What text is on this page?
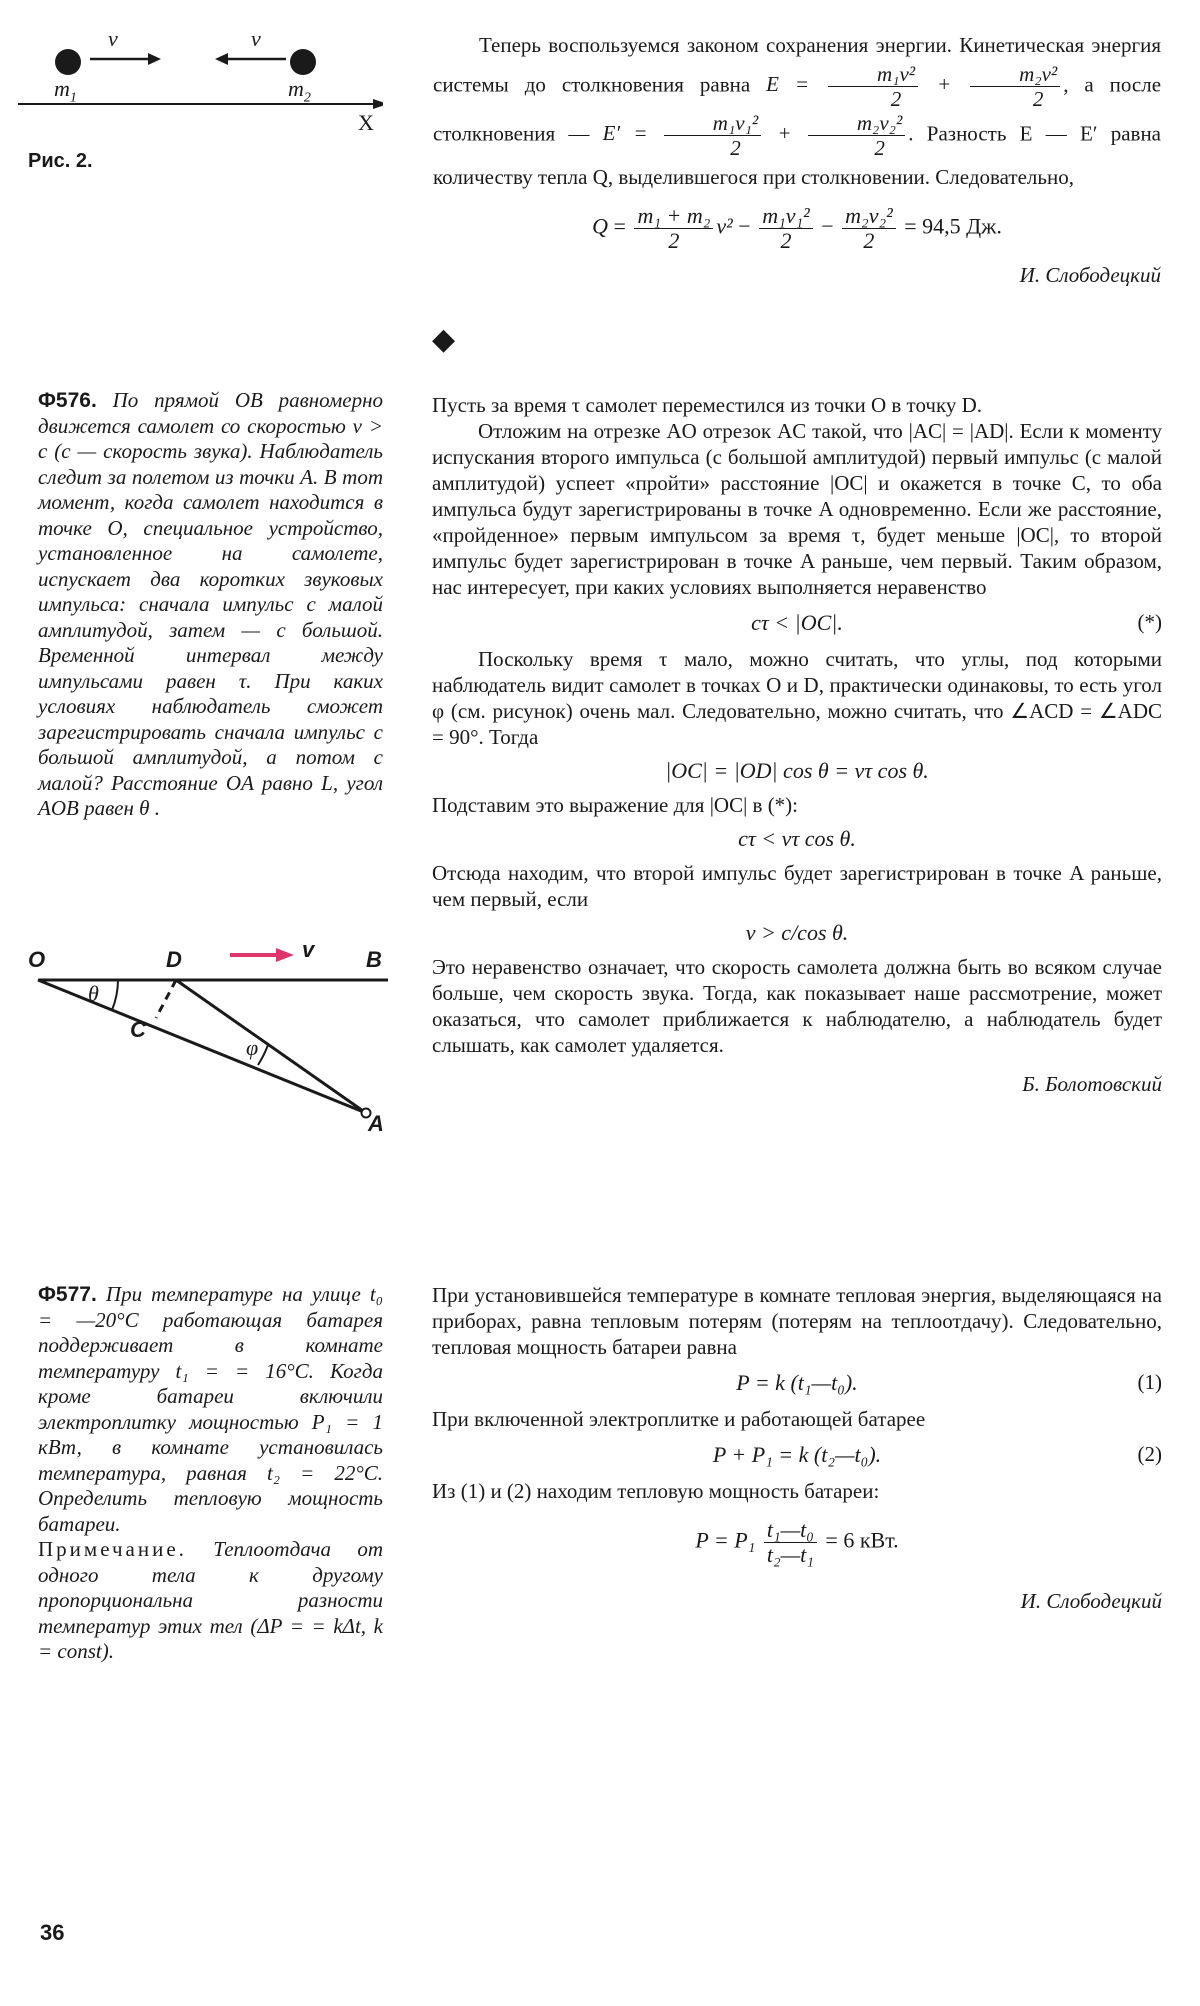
v	v
$m_1$	$m_2$
X
Рис. 2.

Теперь воспользуемся законом сохранения энергии. Кинетическая энергия системы до столкновения равна $E = \frac{\text{m₁v²}}{2} + \frac{\text{m₂v²}}{2}$ , а после столкновения — $E' = \frac{\text{m₁v₁²}}{2} + \frac{\text{m₂v₂²}}{2}$ . Разность E — E′ равна количеству тепла Q, выделившегося при столкновении. Следовательно,

$Q = \frac{\text{m₁ + m₂}}{2} v^2 - \frac{\text{m₁v₁²}}{2} - \frac{\text{m₂v₂²}}{2} = 94,5$ Дж.
И. Слободецкий
◆
Ф576. По прямой OB равномерно движется самолет со скоростью v > c (c — скорость звука). Наблюдатель следит за полетом из точки A. В тот момент, когда самолет находится в точке O, специальное устройство, установленное на самолете, испускает два коротких звуковых импульса: сначала импульс с малой амплитудой, затем — с большой. Временной интервал между импульсами равен τ. При каких условиях наблюдатель сможет зарегистрировать сначала импульс с большой амплитудой, а потом с малой? Расстояние OA равно L, угол AOB равен θ .
O	D	B
C
A
θ
φ
v

Пусть за время τ самолет переместился из точки O в точку D.

Отложим на отрезке AO отрезок AC такой, что |AC| = |AD|. Если к моменту испускания второго импульса (с большой амплитудой) первый импульс (с малой амплитудой) успеет «пройти» расстояние |OC| и окажется в точке C, то оба импульса будут зарегистрированы в точке A одновременно. Если же расстояние, «пройденное» первым импульсом за время τ, будет меньше |OC|, то второй импульс будет зарегистрирован в точке A раньше, чем первый. Таким образом, нас интересует, при каких условиях выполняется неравенство

cτ < |OC|.	(*)

Поскольку время τ мало, можно считать, что углы, под которыми наблюдатель видит самолет в точках O и D, практически одинаковы, то есть угол φ (см. рисунок) очень мал. Следовательно, можно считать, что ∠ACD = ∠ADC = 90°. Тогда

|OC| = |OD| cos θ = vτ cos θ.

Подставим это выражение для |OC| в (*):

cτ < vτ cos θ.

Отсюда находим, что второй импульс будет зарегистрирован в точке A раньше, чем первый, если

v > c/cos θ.

Это неравенство означает, что скорость самолета должна быть во всяком случае больше, чем скорость звука. Тогда, как показывает наше рассмотрение, может оказаться, что самолет приближается к наблюдателю, а наблюдатель будет слышать, как самолет удаляется.

Б. Болотовский
Ф577. При температуре на улице t₀ = —20°C работающая батарея поддерживает в комнате температуру t₁ = = 16°C. Когда кроме батареи включили электроплитку мощностью P₁ = 1 кВт, в комнате установилась температура, равная t₂ = 22°C. Определить тепловую мощность батареи.
Примечание. Теплоотдача от одного тела к другому пропорциональна разности температур этих тел (ΔP = = kΔt, k = const).

При установившейся температуре в комнате тепловая энергия, выделяющаяся на приборах, равна тепловым потерям (потерям на теплоотдачу). Следовательно, тепловая мощность батареи равна

P = k (t₁—t₀).	(1)

При включенной электроплитке и работающей батарее

P + P₁ = k (t₂—t₀).	(2)

Из (1) и (2) находим тепловую мощность батареи:

$P = P_1 \frac{\text{t₁—t₀}}{\text{t₂—t₁}} = 6$ кВт.
И. Слободецкий
36
